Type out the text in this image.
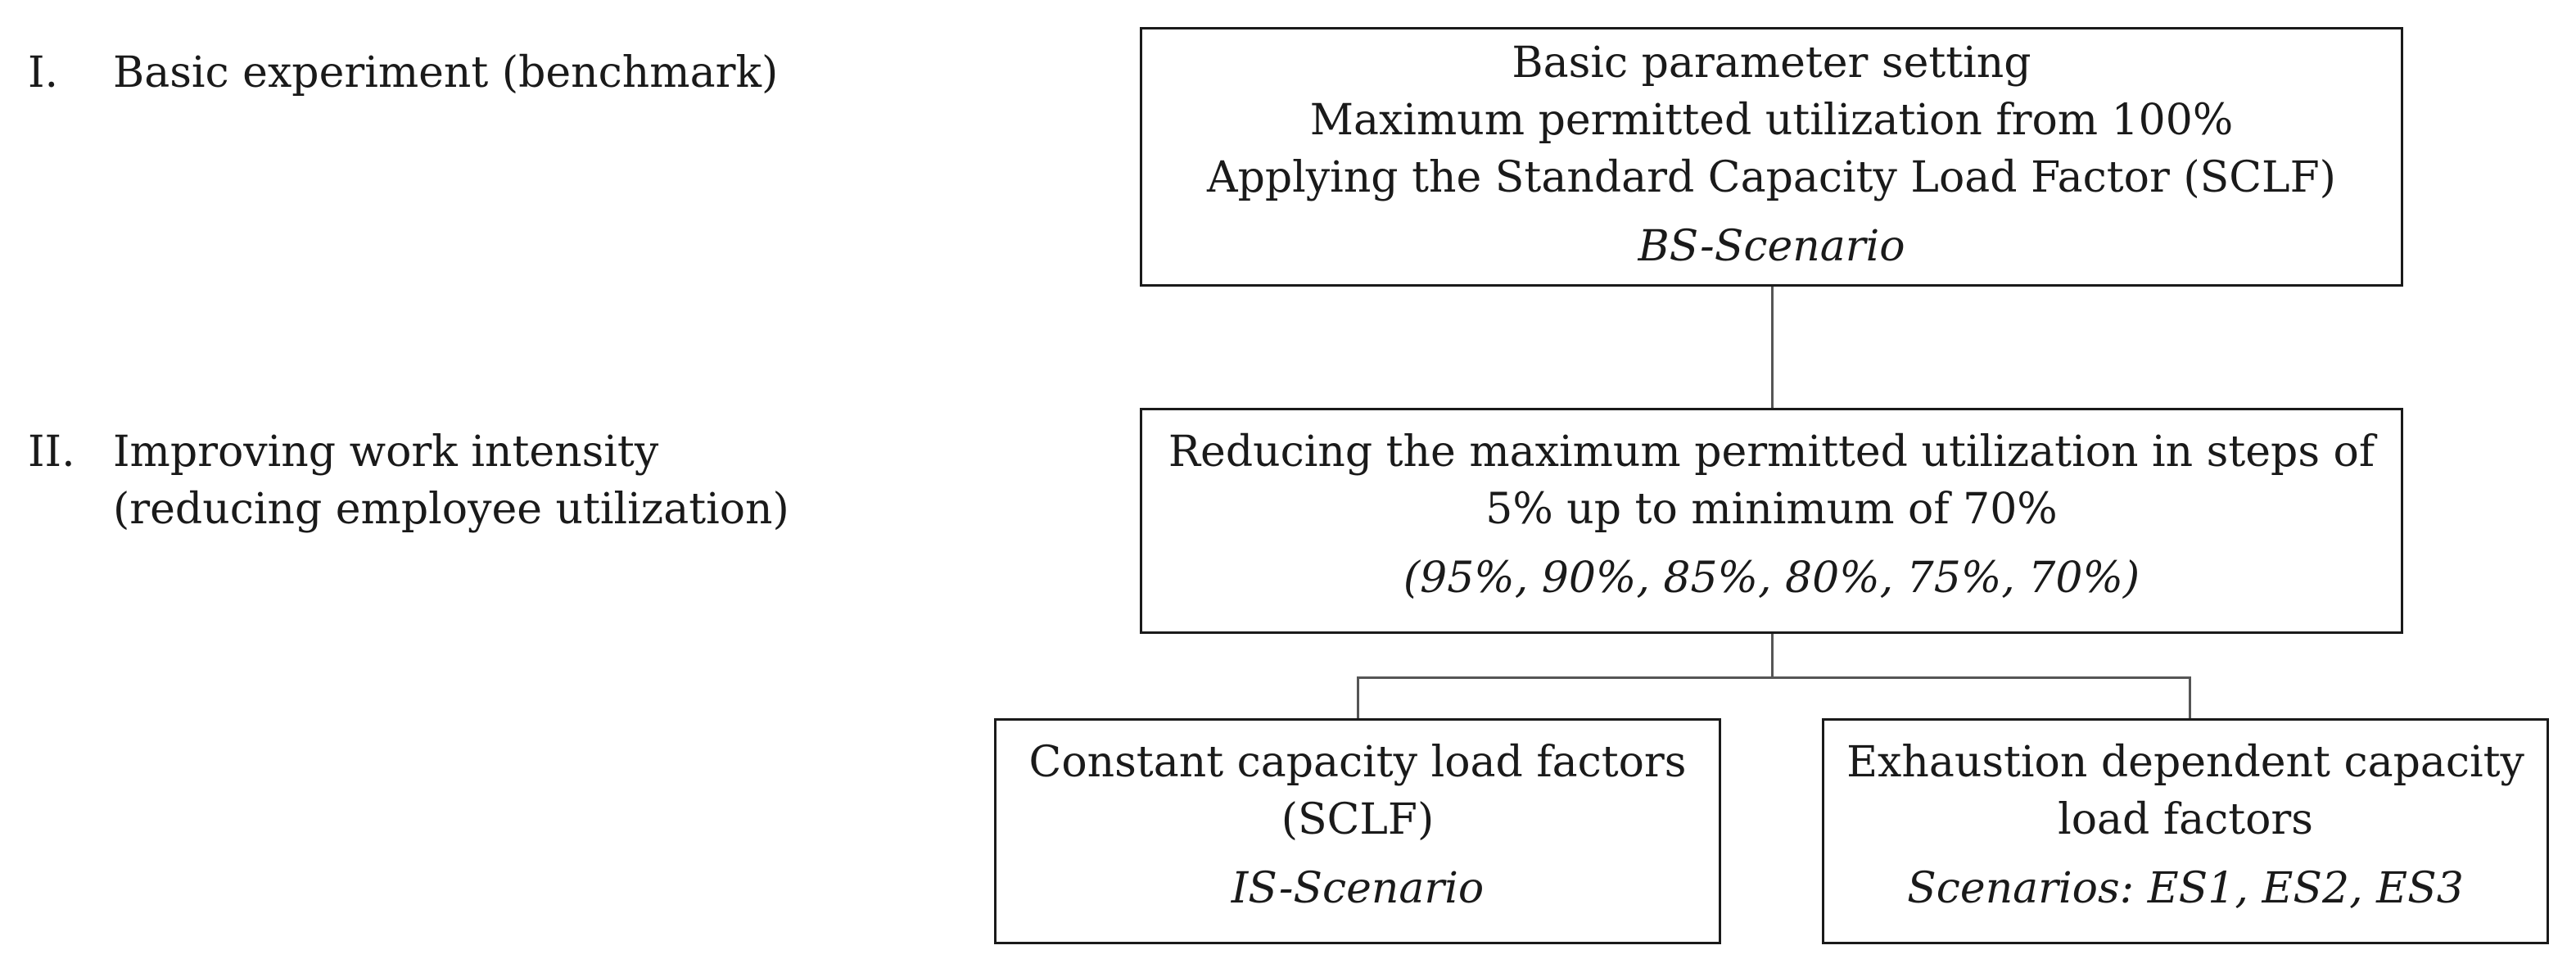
I. Basic experiment (benchmark)
II. Improving work intensity
(reducing employee utilization)
Basic parameter setting
Maximum permitted utilization from 100%
Applying the Standard Capacity Load Factor (SCLF)
BS-Scenario
Reducing the maximum permitted utilization in steps of
5% up to minimum of 70%
(95%, 90%, 85%, 80%, 75%, 70%)
Constant capacity load factors
(SCLF)
IS-Scenario
Exhaustion dependent capacity
load factors
Scenarios: ES1, ES2, ES3
